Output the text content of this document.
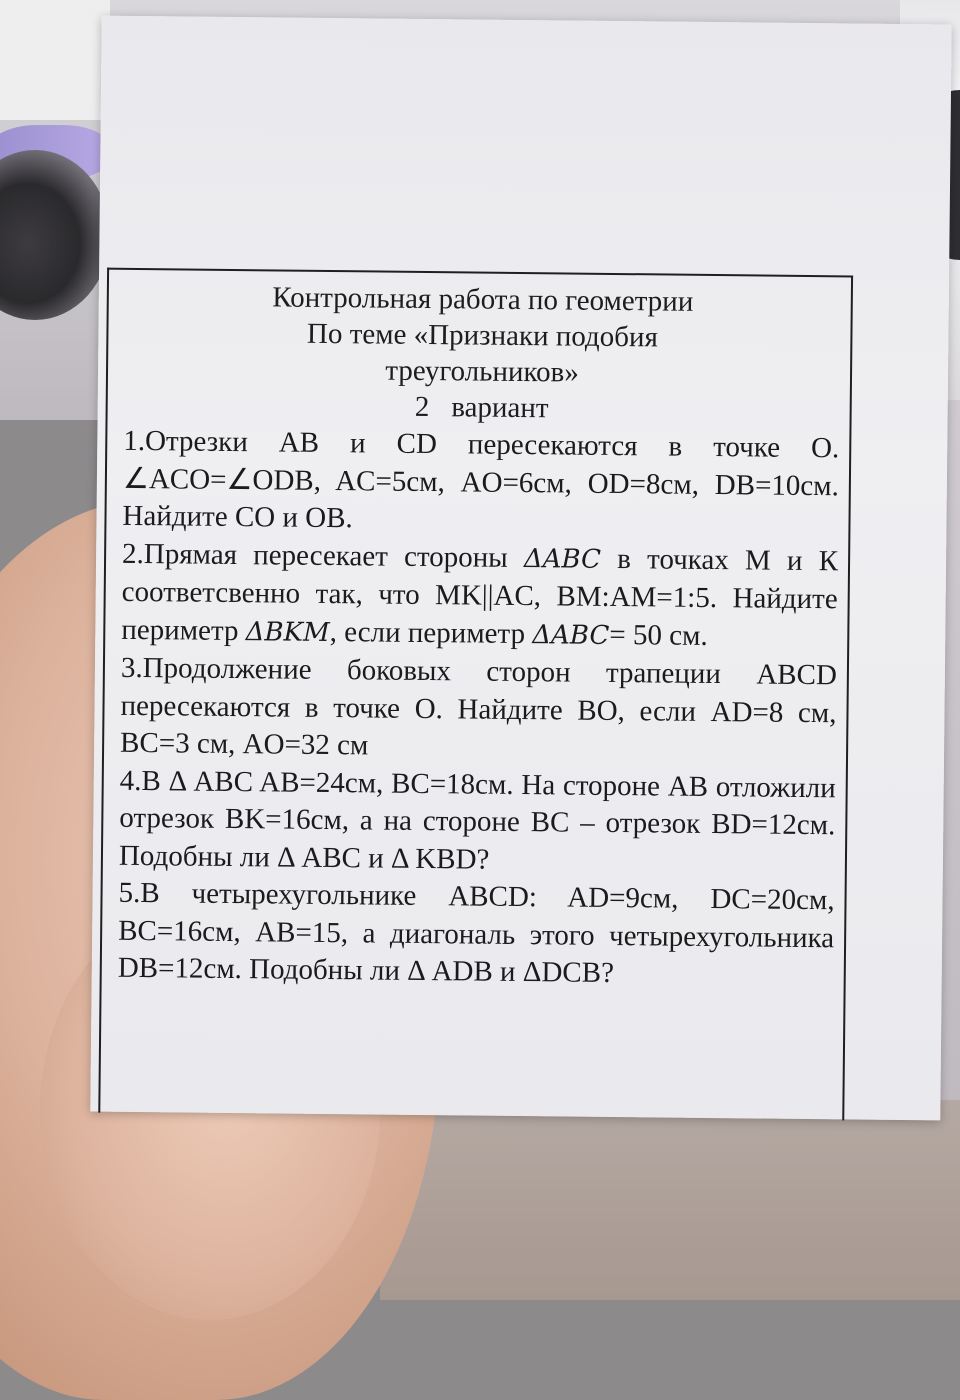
Контрольная работа по геометрии
По теме «Признаки подобия
треугольников»
2 вариант

1.Отрезки AB и CD пересекаются в точке О. ∠ACO=∠ODB, AC=5см, AO=6см, OD=8см, DB=10см. Найдите CO и OB.

2.Прямая пересекает стороны ΔABC в точках М и К соответсвенно так, что MK||AC, BM:AM=1:5. Найдите периметр ΔBKM, если периметр ΔABC= 50 см.

3.Продолжение боковых сторон трапеции ABCD пересекаются в точке О. Найдите ВО, если AD=8 см, BC=3 см, AO=32 см

4.В Δ ABC AB=24см, BC=18см. На стороне AB отложили отрезок BK=16см, а на стороне BC – отрезок BD=12см. Подобны ли Δ ABC и Δ KBD?

5.В четырехугольнике ABCD: AD=9см, DC=20см, BC=16см, AB=15, а диагональ этого четырехугольника DB=12см. Подобны ли Δ ADB и ΔDCB?
